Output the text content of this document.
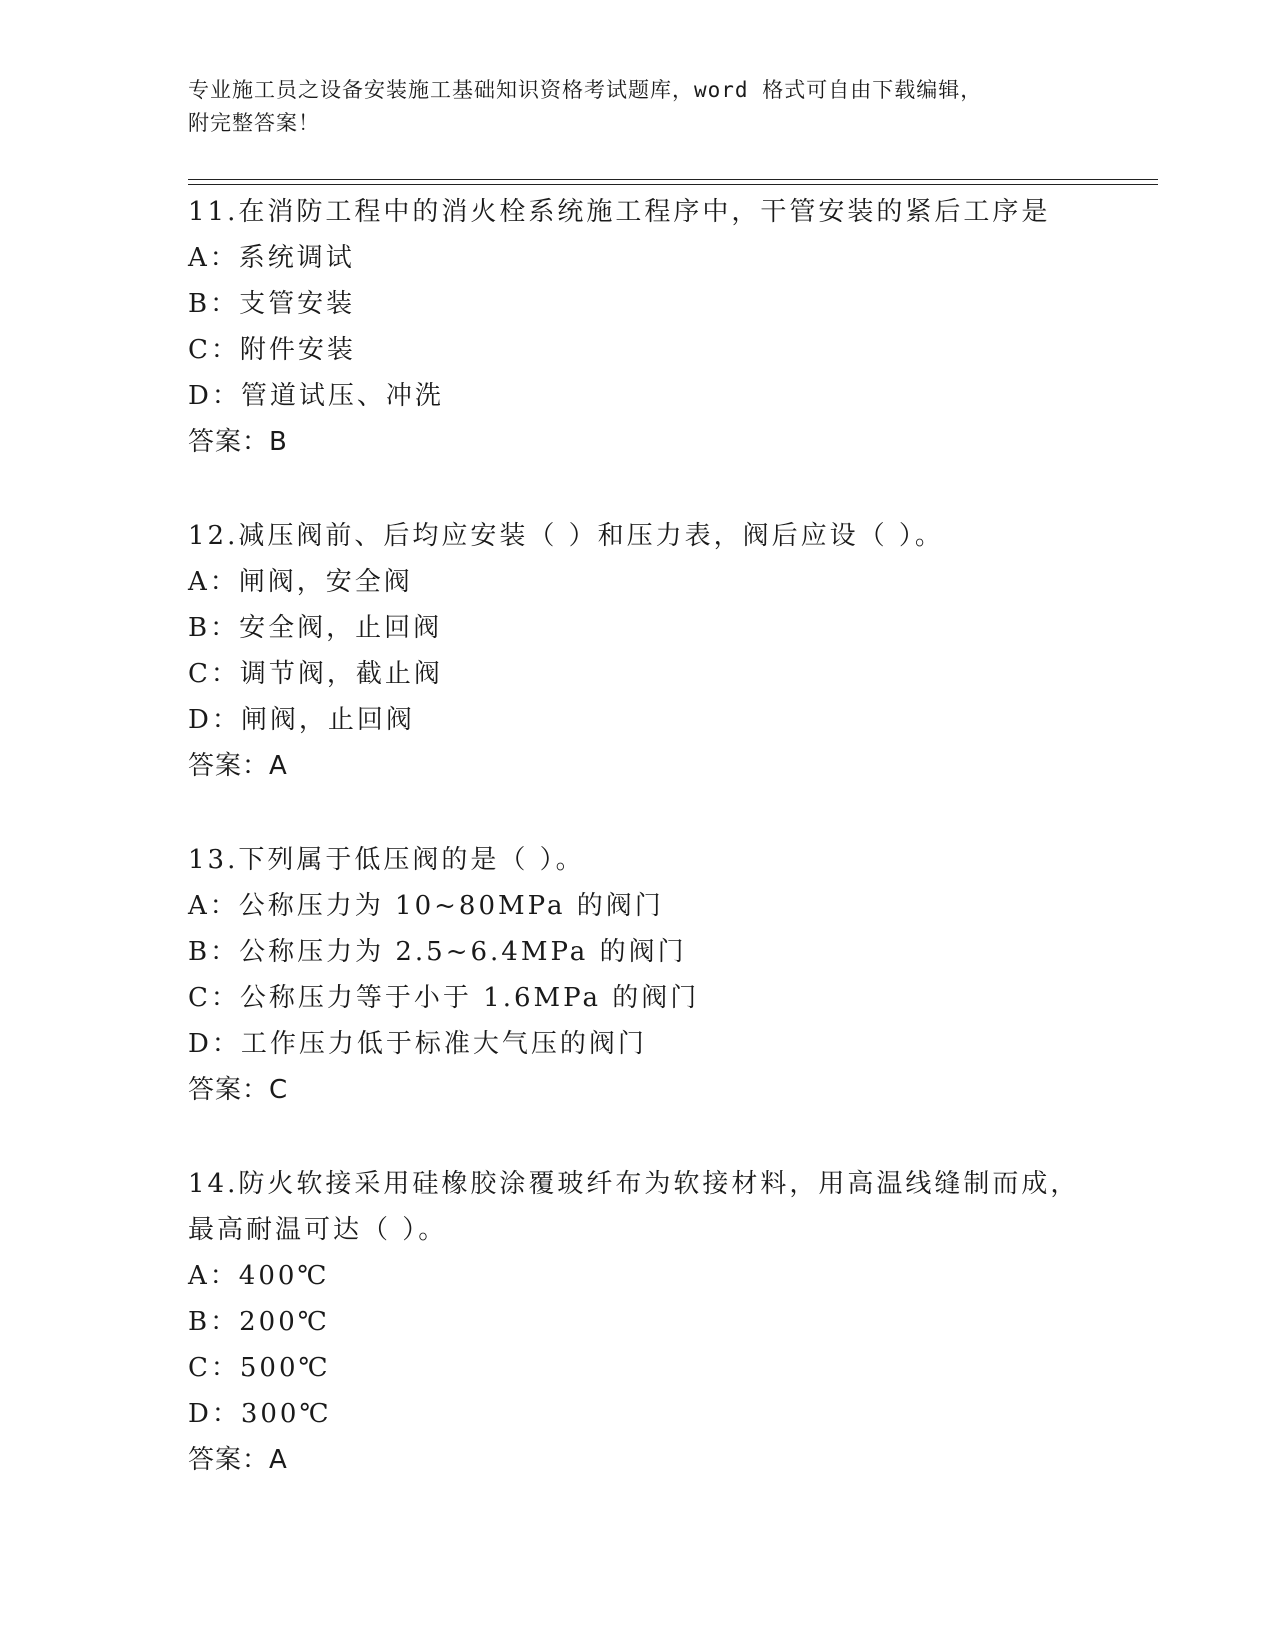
专业施工员之设备安装施工基础知识资格考试题库，word 格式可自由下载编辑，

附完整答案！

11.在消防工程中的消火栓系统施工程序中，干管安装的紧后工序是
A：系统调试
B：支管安装
C：附件安装
D：管道试压、冲洗
答案：B
12.减压阀前、后均应安装（ ）和压力表，阀后应设（ ）。
A：闸阀，安全阀
B：安全阀，止回阀
C：调节阀，截止阀
D：闸阀，止回阀
答案：A
13.下列属于低压阀的是（ ）。
A：公称压力为 10~80MPa 的阀门
B：公称压力为 2.5~6.4MPa 的阀门
C：公称压力等于小于 1.6MPa 的阀门
D：工作压力低于标准大气压的阀门
答案：C
14.防火软接采用硅橡胶涂覆玻纤布为软接材料，用高温线缝制而成，
最高耐温可达（ ）。
A：400℃
B：200℃
C：500℃
D：300℃
答案：A
